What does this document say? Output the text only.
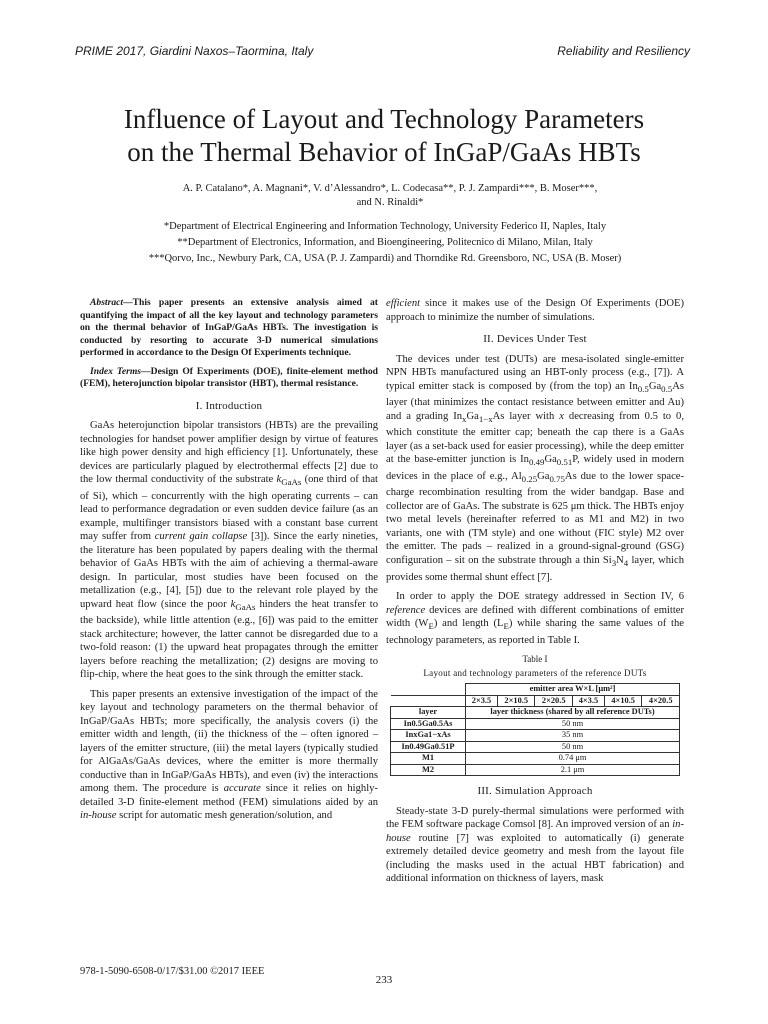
PRIME 2017, Giardini Naxos–Taormina, Italy	Reliability and Resiliency
Influence of Layout and Technology Parameters
on the Thermal Behavior of InGaP/GaAs HBTs
A. P. Catalano*, A. Magnani*, V. d’Alessandro*, L. Codecasa**, P. J. Zampardi***, B. Moser***,
and N. Rinaldi*
*Department of Electrical Engineering and Information Technology, University Federico II, Naples, Italy
**Department of Electronics, Information, and Bioengineering, Politecnico di Milano, Milan, Italy
***Qorvo, Inc., Newbury Park, CA, USA (P. J. Zampardi) and Thorndike Rd. Greensboro, NC, USA (B. Moser)

Abstract—This paper presents an extensive analysis aimed at quantifying the impact of all the key layout and technology parameters on the thermal behavior of InGaP/GaAs HBTs. The investigation is conducted by resorting to accurate 3-D numerical simulations performed in accordance to the Design Of Experiments technique.

Index Terms—Design Of Experiments (DOE), finite-element method (FEM), heterojunction bipolar transistor (HBT), thermal resistance.

I. Introduction

GaAs heterojunction bipolar transistors (HBTs) are the prevailing technologies for handset power amplifier design by virtue of features like high power density and high efficiency [1]. Unfortunately, these devices are particularly plagued by electrothermal effects [2] due to the low thermal conductivity of the substrate $k_{GaAs}$ (one third of that of Si), which – concurrently with the high operating currents – can lead to performance degradation or even sudden device failure (as an example, multifinger transistors biased with a constant base current may suffer from current gain collapse [3]). Since the early nineties, the literature has been populated by papers dealing with the thermal behavior of GaAs HBTs with the aim of achieving a thermal-aware design. In particular, most studies have been focused on the metallization (e.g., [4], [5]) due to the relevant role played by the upward heat flow (since the poor $k_{GaAs}$ hinders the heat transfer to the backside), while little attention (e.g., [6]) was paid to the emitter stack architecture; however, the latter cannot be disregarded due to a two-fold reason: (1) the upward heat propagates through the emitter layers before reaching the metallization; (2) designs are moving to flip-chip, where the heat goes to the sink through the emitter stack.

This paper presents an extensive investigation of the impact of the key layout and technology parameters on the thermal behavior of InGaP/GaAs HBTs; more specifically, the analysis covers (i) the emitter width and length, (ii) the thickness of the – often ignored – layers of the emitter structure, (iii) the metal layers (typically studied for AlGaAs/GaAs devices, where the emitter is more thermally conductive than in InGaP/GaAs HBTs), and even (iv) the interactions among them. The procedure is accurate since it relies on highly-detailed 3-D finite-element method (FEM) simulations aided by an in-house script for automatic mesh generation/solution, and

efficient since it makes use of the Design Of Experiments (DOE) approach to minimize the number of simulations.

II. Devices Under Test

The devices under test (DUTs) are mesa-isolated single-emitter NPN HBTs manufactured using an HBT-only process (e.g., [7]). A typical emitter stack is composed by (from the top) an $In_{0.5}Ga_{0.5}As$ layer (that minimizes the contact resistance between emitter and Au) and a grading $In_xGa_{1-x}As$ layer with x decreasing from 0.5 to 0, which constitute the emitter cap; beneath the cap there is a GaAs layer (as a set-back used for easier processing), while the deep emitter at the base-emitter junction is $In_{0.49}Ga_{0.51}P$, widely used in modern devices in the place of e.g., $Al_{0.25}Ga_{0.75}As$ due to the lower space-charge recombination resulting from the wider bandgap. Base and collector are of GaAs. The substrate is 625 μm thick. The HBTs enjoy two metal levels (hereinafter referred to as M1 and M2) in two variants, one with (TM style) and one without (FIC style) M2 over the emitter. The pads – realized in a ground-signal-ground (GSG) configuration – sit on the substrate through a thin $Si_3N_4$ layer, which provides some thermal shunt effect [7].

In order to apply the DOE strategy addressed in Section IV, 6 reference devices are defined with different combinations of emitter width $(W_E)$ and length $(L_E)$ while sharing the same values of the technology parameters, as reported in Table I.

Table I
Layout and technology parameters of the reference DUTs
	emitter area W×L [μm²]					
	2×3.5	2×10.5	2×20.5	4×3.5	4×10.5	4×20.5
layer	layer thickness (shared by all reference DUTs)					
In0.5Ga0.5As	50 nm					
InxGa1−xAs	35 nm					
In0.49Ga0.51P	50 nm					
M1	0.74 μm					
M2	2.1 μm					
III. Simulation Approach

Steady-state 3-D purely-thermal simulations were performed with the FEM software package Comsol [8]. An improved version of an in-house routine [7] was exploited to automatically (i) generate extremely detailed device geometry and mesh from the layout file (including the masks used in the actual HBT fabrication) and additional information on thickness of layers, mask

978-1-5090-6508-0/17/$31.00 ©2017 IEEE
233
